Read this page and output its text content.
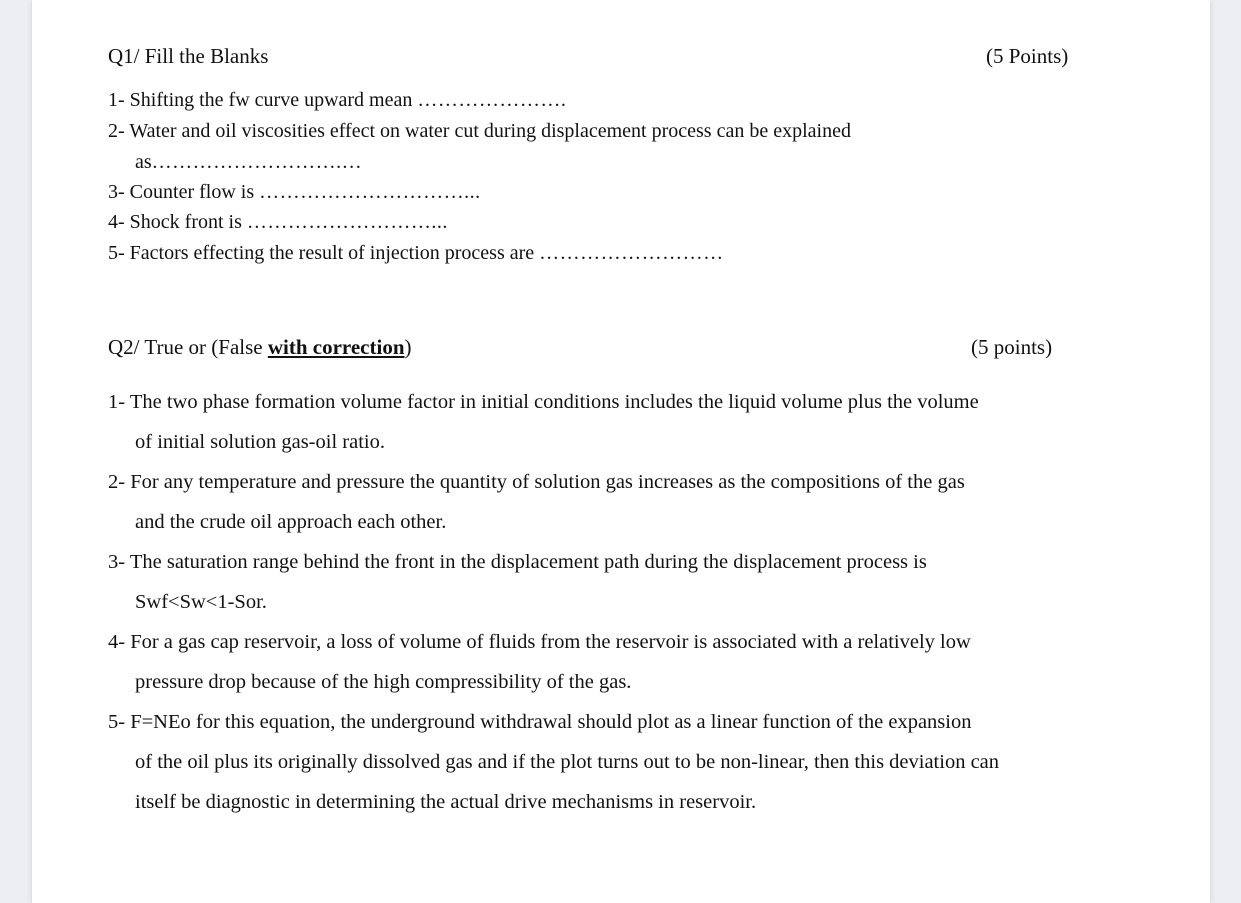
Q1/ Fill the Blanks	(5 Points)
1- Shifting the fw curve upward mean ………………….
2- Water and oil viscosities effect on water cut during displacement process can be explained
as……………………….…
3- Counter flow is …………………………...
4- Shock front is ………………………...
5- Factors effecting the result of injection process are ………………………
Q2/ True or (False with correction)	(5 points)
1- The two phase formation volume factor in initial conditions includes the liquid volume plus the volume
of initial solution gas-oil ratio.
2- For any temperature and pressure the quantity of solution gas increases as the compositions of the gas
and the crude oil approach each other.
3- The saturation range behind the front in the displacement path during the displacement process is
Swf<Sw<1-Sor.
4- For a gas cap reservoir, a loss of volume of fluids from the reservoir is associated with a relatively low
pressure drop because of the high compressibility of the gas.
5- F=NEo for this equation, the underground withdrawal should plot as a linear function of the expansion
of the oil plus its originally dissolved gas and if the plot turns out to be non-linear, then this deviation can
itself be diagnostic in determining the actual drive mechanisms in reservoir.
